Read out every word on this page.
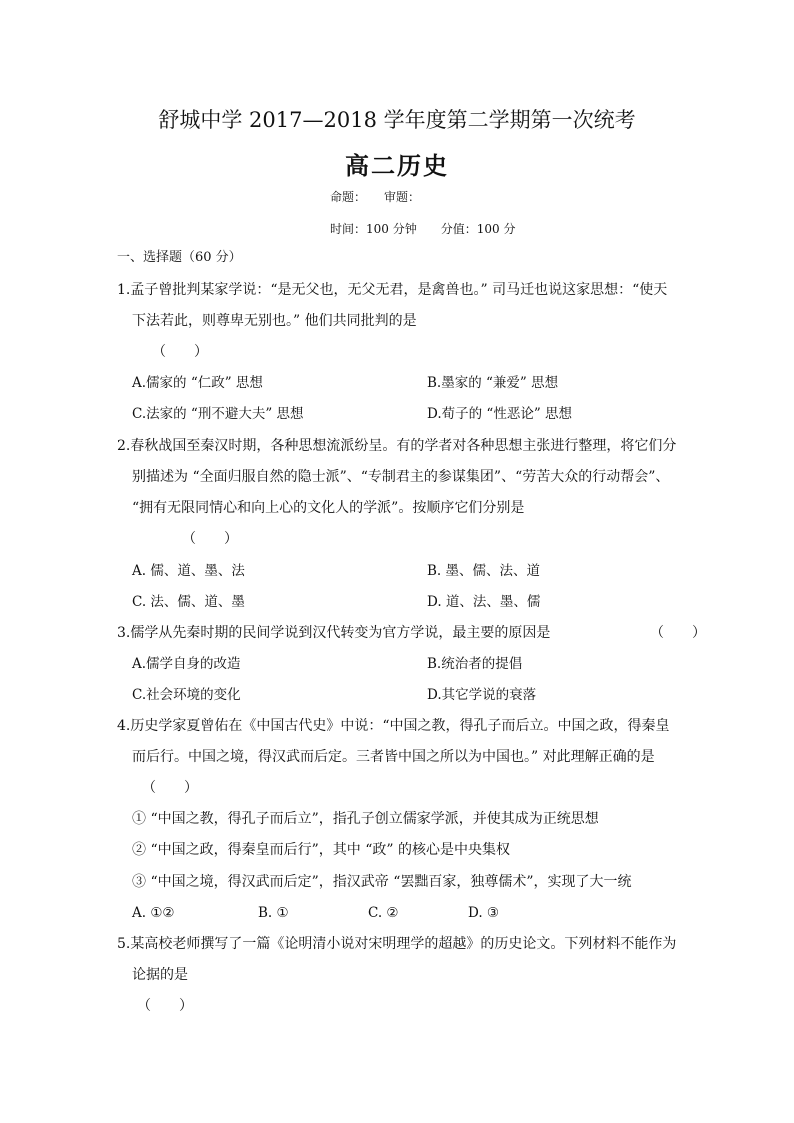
舒城中学 2017—2018 学年度第二学期第一次统考
高二历史
命题：　　审题：
时间：100 分钟　　分值：100 分
一、选择题（60 分）
1.孟子曾批判某家学说：“是无父也，无父无君，是禽兽也。” 司马迁也说这家思想：“使天
下法若此，则尊卑无别也。” 他们共同批判的是
（　　）
A.儒家的 “仁政” 思想	B.墨家的 “兼爱” 思想
C.法家的 “刑不避大夫” 思想	D.荀子的 “性恶论” 思想
2.春秋战国至秦汉时期，各种思想流派纷呈。有的学者对各种思想主张进行整理，将它们分
别描述为 “全面归服自然的隐士派”、“专制君主的参谋集团”、“劳苦大众的行动帮会”、
“拥有无限同情心和向上心的文化人的学派”。按顺序它们分别是
（　　）
A. 儒、道、墨、法	B. 墨、儒、法、道
C. 法、儒、道、墨	D. 道、法、墨、儒
3.儒学从先秦时期的民间学说到汉代转变为官方学说，最主要的原因是	（　　）
A.儒学自身的改造	B.统治者的提倡
C.社会环境的变化	D.其它学说的衰落
4.历史学家夏曾佑在《中国古代史》中说：“中国之教，得孔子而后立。中国之政，得秦皇
而后行。中国之境，得汉武而后定。三者皆中国之所以为中国也。” 对此理解正确的是
（　　）
① “中国之教，得孔子而后立”，指孔子创立儒家学派，并使其成为正统思想
② “中国之政，得秦皇而后行”，其中 “政” 的核心是中央集权
③ “中国之境，得汉武而后定”，指汉武帝 “罢黜百家，独尊儒术”，实现了大一统
A. ①②	B. ①	C. ②	D. ③
5.某高校老师撰写了一篇《论明清小说对宋明理学的超越》的历史论文。下列材料不能作为
论据的是
（　　）
